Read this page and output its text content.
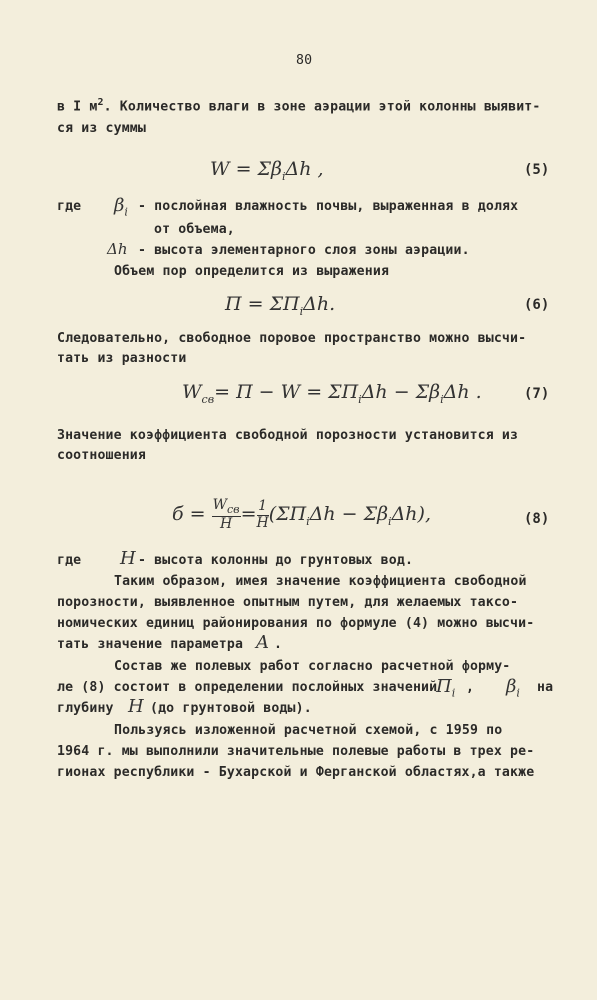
80
в I $м^2$. Количество влаги в зоне аэрации этой колонны выявит-
ся из суммы
$W = \Sigma\beta_i\Delta h$ ,	(5)
где $\beta_i$ - послойная влажность почвы, выраженная в долях
от объема,
Δh - высота элементарного слоя зоны аэрации.
Объем пор определится из выражения
$П = \Sigma П_i\Delta h$.	(6)
Следовательно, свободное поровое пространство можно высчи-
тать из разности
$W_{св}= П - W = \Sigma П_i\Delta h - \Sigma\beta_i\Delta h$ .	(7)
Значение коэффициента свободной порозности установится из
соотношения
$б = \frac{W_{св}}{H} = \frac{1}{H} (\Sigma П_i\Delta h - \Sigma\beta_i\Delta h)$,	(8)
где H - высота колонны до грунтовых вод.
Таким образом, имея значение коэффициента свободной
порозности, выявленное опытным путем, для желаемых таксо-
номических единиц районирования по формуле (4) можно высчи-
тать значение параметра A .
Состав же полевых работ согласно расчетной форму-
ле (8) состоит в определении послойных значений
$П_i$ , $\beta_i$ на
глубину H (до грунтовой воды).
Пользуясь изложенной расчетной схемой, с 1959 по
1964 г. мы выполнили значительные полевые работы в трех ре-
гионах республики - Бухарской и Ферганской областях,а также
